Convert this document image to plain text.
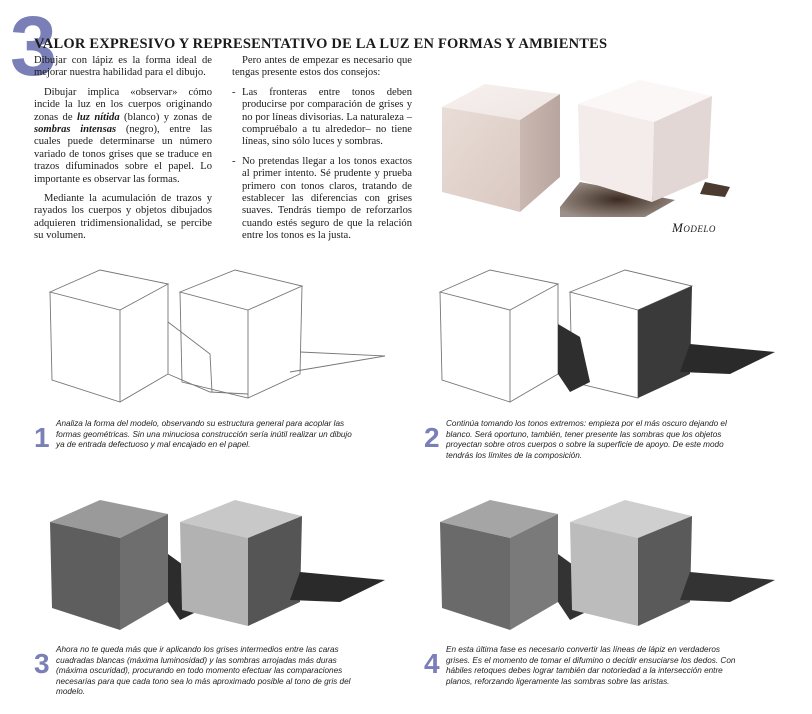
3
VALOR EXPRESIVO Y REPRESENTATIVO DE LA LUZ EN FORMAS Y AMBIENTES

Dibujar con lápiz es la forma ideal de mejorar nuestra habilidad para el dibujo.

Dibujar implica «observar» cómo incide la luz en los cuerpos originando zonas de luz nítida (blanco) y zonas de sombras intensas (negro), entre las cuales puede determinarse un número variado de tonos grises que se traduce en trazos difuminados sobre el papel. Lo importante es observar las formas.

Mediante la acumulación de trazos y rayados los cuerpos y objetos dibujados adquieren tridimensionalidad, se percibe su volumen.

Pero antes de empezar es necesario que tengas presente estos dos consejos:

- Las fronteras entre tonos deben producirse por comparación de grises y no por líneas divisorias. La naturaleza –compruébalo a tu alrededor– no tiene líneas, sino sólo luces y sombras.
- No pretendas llegar a los tonos exactos al primer intento. Sé prudente y prueba primero con tonos claros, tratando de establecer las diferencias con grises suaves. Tendrás tiempo de reforzarlos cuando estés seguro de que la relación entre los tonos es la justa.
Modelo
1 Analiza la forma del modelo, observando su estructura general para acoplar las formas geométricas. Sin una minuciosa construcción sería inútil realizar un dibujo ya de entrada defectuoso y mal encajado en el papel.	2 Continúa tomando los tonos extremos: empieza por el más oscuro dejando el blanco. Será oportuno, también, tener presente las sombras que los objetos proyectan sobre otros cuerpos o sobre la superficie de apoyo. De este modo tendrás los límites de la composición.
3 Ahora no te queda más que ir aplicando los grises intermedios entre las caras cuadradas blancas (máxima luminosidad) y las sombras arrojadas más duras (máxima oscuridad), procurando en todo momento efectuar las comparaciones necesarias para que cada tono sea lo más aproximado posible al tono de gris del modelo.
4 En esta última fase es necesario convertir las líneas de lápiz en verdaderos grises. Es el momento de tomar el difumino o decidir ensuciarse los dedos. Con hábiles retoques debes lograr también dar notoriedad a la intersección entre planos, reforzando ligeramente las sombras sobre las aristas.
